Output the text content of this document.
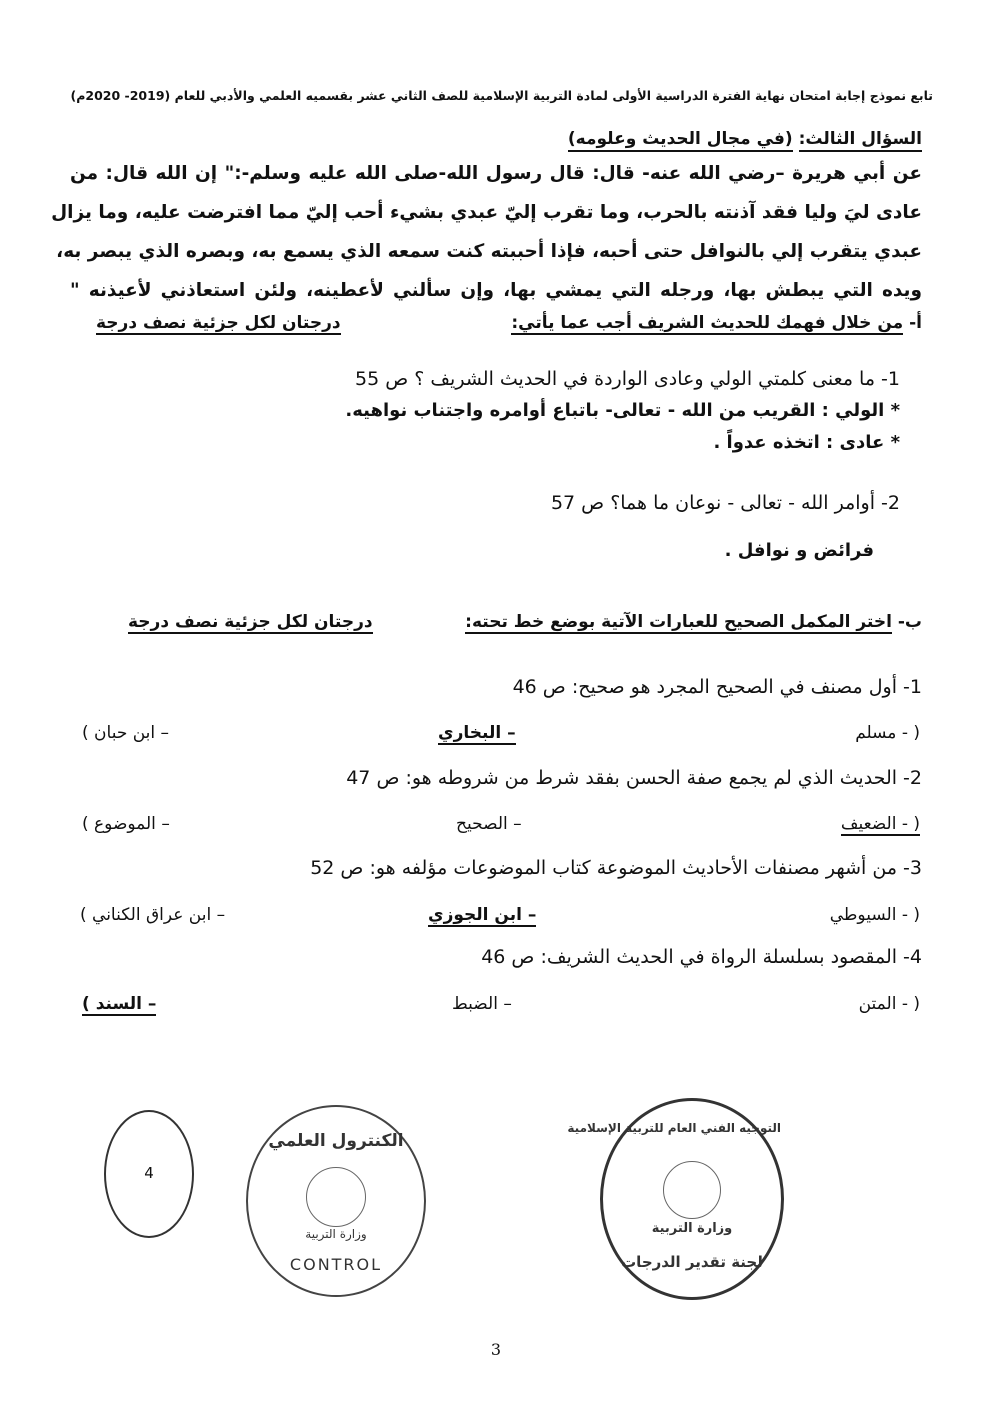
تابع نموذج إجابة امتحان نهاية الفترة الدراسية الأولى لمادة التربية الإسلامية للصف الثاني عشر بقسميه العلمي والأدبي للعام (2019- 2020م)
السؤال الثالث: (في مجال الحديث وعلومه)
عن أبي هريرة –رضي الله عنه- قال: قال رسول الله-صلى الله عليه وسلم-:" إن الله قال: من
عادى ليَ وليا فقد آذنته بالحرب، وما تقرب إليّ عبدي بشيء أحب إليّ مما افترضت عليه، وما يزال
عبدي يتقرب إلي بالنوافل حتى أحبه، فإذا أحببته كنت سمعه الذي يسمع به، وبصره الذي يبصر به،
ويده التي يبطش بها، ورجله التي يمشي بها، وإن سألني لأعطينه، ولئن استعاذني لأعيذنه "
أ- من خلال فهمك للحديث الشريف أجب عما يأتي:
درجتان لكل جزئية نصف درجة
1- ما معنى كلمتي الولي وعادى الواردة في الحديث الشريف ؟ ص 55
* الولي : القريب من الله - تعالى- باتباع أوامره واجتناب نواهيه.
* عادى : اتخذه عدواً .
2- أوامر الله - تعالى - نوعان ما هما؟ ص 57
فرائض و نوافل .
ب- اختر المكمل الصحيح للعبارات الآتية بوضع خط تحته:
درجتان لكل جزئية نصف درجة
1- أول مصنف في الصحيح المجرد هو صحيح: ص 46
( - مسلم
– البخاري
– ابن حبان )
2- الحديث الذي لم يجمع صفة الحسن بفقد شرط من شروطه هو: ص 47
( - الضعيف
– الصحيح
– الموضوع )
3- من أشهر مصنفات الأحاديث الموضوعة كتاب الموضوعات مؤلفه هو: ص 52
( - السيوطي
– ابن الجوزي
– ابن عراق الكناني )
4- المقصود بسلسلة الرواة في الحديث الشريف: ص 46
( - المتن
– الضبط
– السند )
4
الكنترول العلمي
وزارة التربية
CONTROL
التوجيه الفني العام للتربية الإسلامية
وزارة التربية
لجنة تقدير الدرجات
3
